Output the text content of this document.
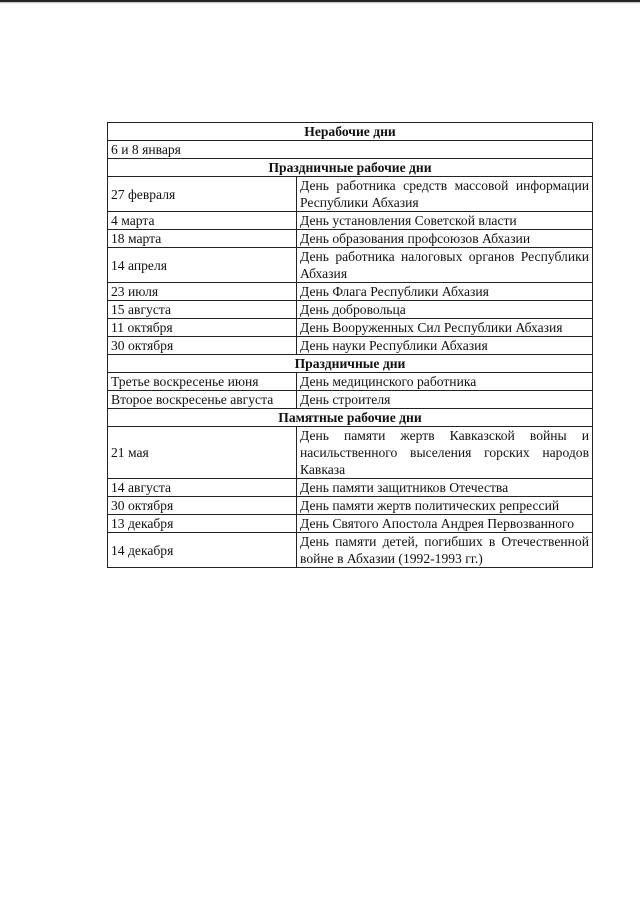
Нерабочие дни	
6 и 8 января	
Праздничные рабочие дни	
27 февраля	День работника средств массовой информации Республики Абхазия
4 марта	День установления Советской власти
18 марта	День образования профсоюзов Абхазии
14 апреля	День работника налоговых органов Республики Абхазия
23 июля	День Флага Республики Абхазия
15 августа	День добровольца
11 октября	День Вооруженных Сил Республики Абхазия
30 октября	День науки Республики Абхазия
Праздничные дни	
Третье воскресенье июня	День медицинского работника
Второе воскресенье августа	День строителя
Памятные рабочие дни	
21 мая	День памяти жертв Кавказской войны и насильственного выселения горских народов Кавказа
14 августа	День памяти защитников Отечества
30 октября	День памяти жертв политических репрессий
13 декабря	День Святого Апостола Андрея Первозванного
14 декабря	День памяти детей, погибших в Отечественной войне в Абхазии (1992-1993 гг.)
